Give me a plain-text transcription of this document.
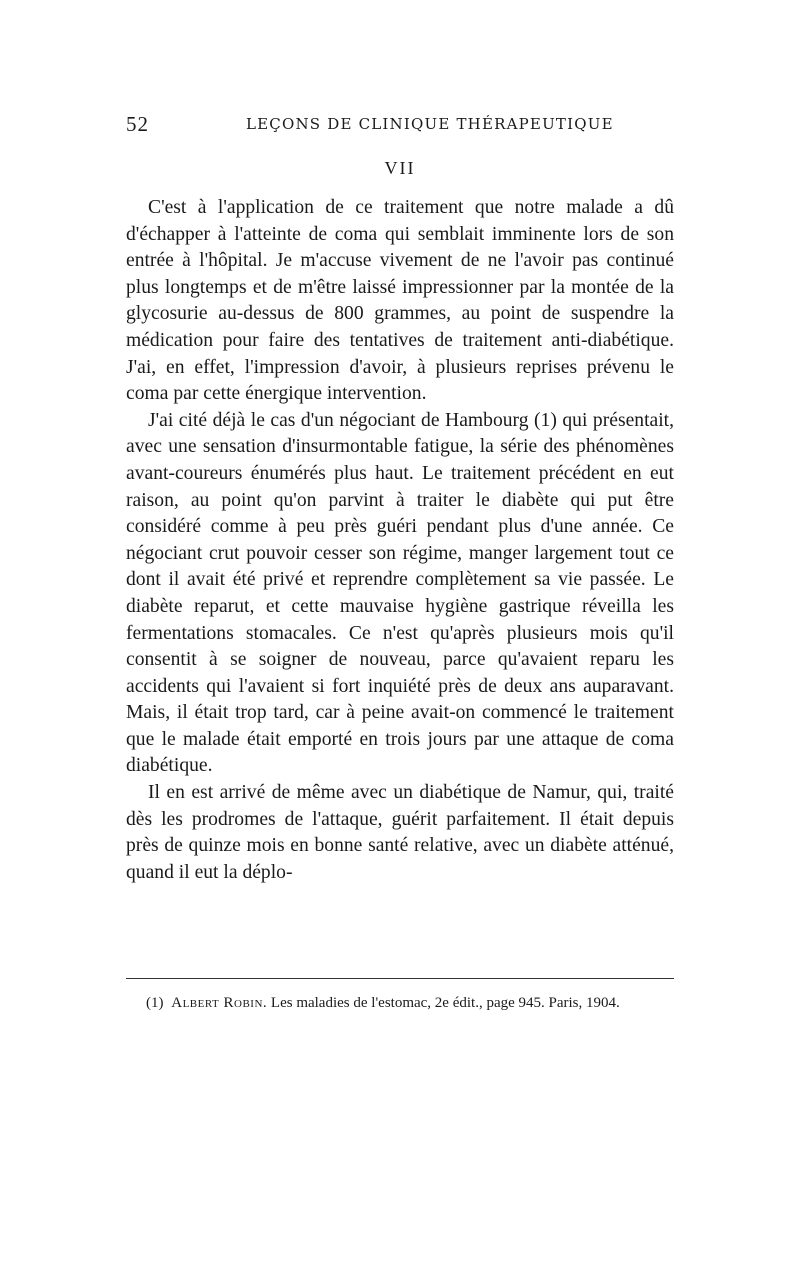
52	LEÇONS DE CLINIQUE THÉRAPEUTIQUE
VII

C'est à l'application de ce traitement que notre malade a dû d'échapper à l'atteinte de coma qui semblait imminente lors de son entrée à l'hôpital. Je m'accuse vivement de ne l'avoir pas continué plus longtemps et de m'être laissé impressionner par la montée de la glycosurie au-dessus de 800 grammes, au point de suspendre la médication pour faire des tentatives de traitement anti-diabétique. J'ai, en effet, l'impression d'avoir, à plusieurs reprises prévenu le coma par cette énergique intervention.

J'ai cité déjà le cas d'un négociant de Hambourg (1) qui présentait, avec une sensation d'insurmontable fatigue, la série des phénomènes avant-coureurs énumérés plus haut. Le traitement précédent en eut raison, au point qu'on parvint à traiter le diabète qui put être considéré comme à peu près guéri pendant plus d'une année. Ce négociant crut pouvoir cesser son régime, manger largement tout ce dont il avait été privé et reprendre complètement sa vie passée. Le diabète reparut, et cette mauvaise hygiène gastrique réveilla les fermentations stomacales. Ce n'est qu'après plusieurs mois qu'il consentit à se soigner de nouveau, parce qu'avaient reparu les accidents qui l'avaient si fort inquiété près de deux ans auparavant. Mais, il était trop tard, car à peine avait-on commencé le traitement que le malade était emporté en trois jours par une attaque de coma diabétique.

Il en est arrivé de même avec un diabétique de Namur, qui, traité dès les prodromes de l'attaque, guérit parfaitement. Il était depuis près de quinze mois en bonne santé relative, avec un diabète atténué, quand il eut la déplo-

(1) Albert Robin. Les maladies de l'estomac, 2e édit., page 945. Paris, 1904.
